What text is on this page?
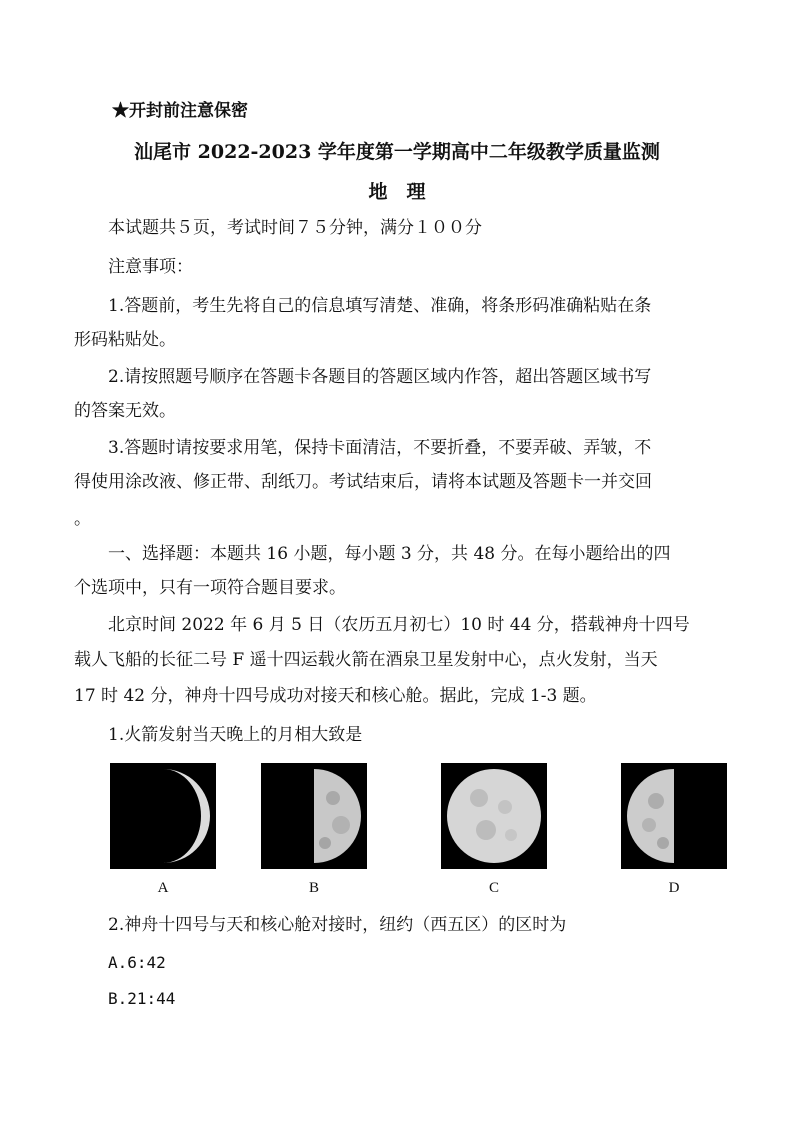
★开封前注意保密
汕尾市 2022-2023 学年度第一学期高中二年级教学质量监测
地　理
本试题共５页，考试时间７５分钟，满分１００分
注意事项：
1.答题前，考生先将自己的信息填写清楚、准确，将条形码准确粘贴在条
形码粘贴处。
2.请按照题号顺序在答题卡各题目的答题区域内作答，超出答题区域书写
的答案无效。
3.答题时请按要求用笔，保持卡面清洁，不要折叠，不要弄破、弄皱，不
得使用涂改液、修正带、刮纸刀。考试结束后，请将本试题及答题卡一并交回
。
一、选择题：本题共 16 小题，每小题 3 分，共 48 分。在每小题给出的四
个选项中，只有一项符合题目要求。
北京时间 2022 年 6 月 5 日（农历五月初七）10 时 44 分，搭载神舟十四号
载人飞船的长征二号 F 遥十四运载火箭在酒泉卫星发射中心，点火发射，当天
17 时 42 分，神舟十四号成功对接天和核心舱。据此，完成 1-3 题。
1.火箭发射当天晚上的月相大致是
A	B	C	D
2.神舟十四号与天和核心舱对接时，纽约（西五区）的区时为
A.6:42
B.21:44
